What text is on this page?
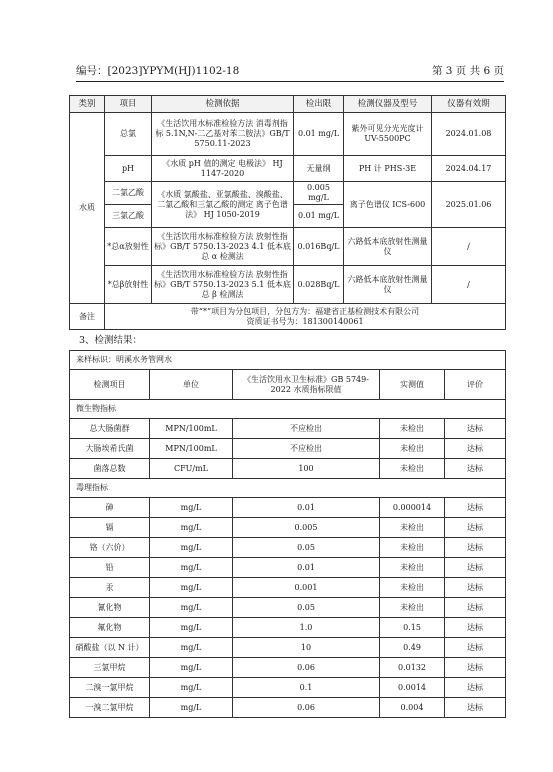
编号：[2023]YPYM(HJ)1102-18	第 3 页 共 6 页
类别	项目	检测依据	检出限	检测仪器及型号	仪器有效期
水质	总氯	《生活饮用水标准检验方法 消毒剂指标 5.1N,N-二乙基对苯二胺法》GB/T 5750.11-2023	0.01 mg/L	紫外可见分光光度计 UV-5500PC	2024.01.08
	pH	《水质 pH 值的测定 电极法》 HJ 1147-2020	无量纲	PH 计 PHS-3E	2024.04.17
	二氯乙酸	《水质 氯酸盐、亚氯酸盐、溴酸盐、二氯乙酸和三氯乙酸的测定 离子色谱法》 HJ 1050-2019	0.005 mg/L	离子色谱仪 ICS-600	2025.01.06
	三氯乙酸		0.01 mg/L		
	*总α放射性	《生活饮用水标准检验方法 放射性指标》GB/T 5750.13-2023 4.1 低本底总 α 检测法	0.016Bq/L	六路低本底放射性测量仪	/
	*总β放射性	《生活饮用水标准检验方法 放射性指标》GB/T 5750.13-2023 5.1 低本底总 β 检测法	0.028Bq/L	六路低本底放射性测量仪	/
备注	带“*”项目为分包项目，分包方为：福建省正基检测技术有限公司
资质证书号为：181300140061				
3、检测结果：
来样标识：明溪水务管网水				
检测项目	单位	《生活饮用水卫生标准》GB 5749-2022 水质指标限值	实测值	评价
微生物指标				
总大肠菌群	MPN/100mL	不应检出	未检出	达标
大肠埃希氏菌	MPN/100mL	不应检出	未检出	达标
菌落总数	CFU/mL	100	未检出	达标
毒理指标				
砷	mg/L	0.01	0.000014	达标
镉	mg/L	0.005	未检出	达标
铬（六价）	mg/L	0.05	未检出	达标
铅	mg/L	0.01	未检出	达标
汞	mg/L	0.001	未检出	达标
氰化物	mg/L	0.05	未检出	达标
氟化物	mg/L	1.0	0.15	达标
硝酸盐（以 N 计）	mg/L	10	0.49	达标
三氯甲烷	mg/L	0.06	0.0132	达标
二溴一氯甲烷	mg/L	0.1	0.0014	达标
一溴二氯甲烷	mg/L	0.06	0.004	达标
